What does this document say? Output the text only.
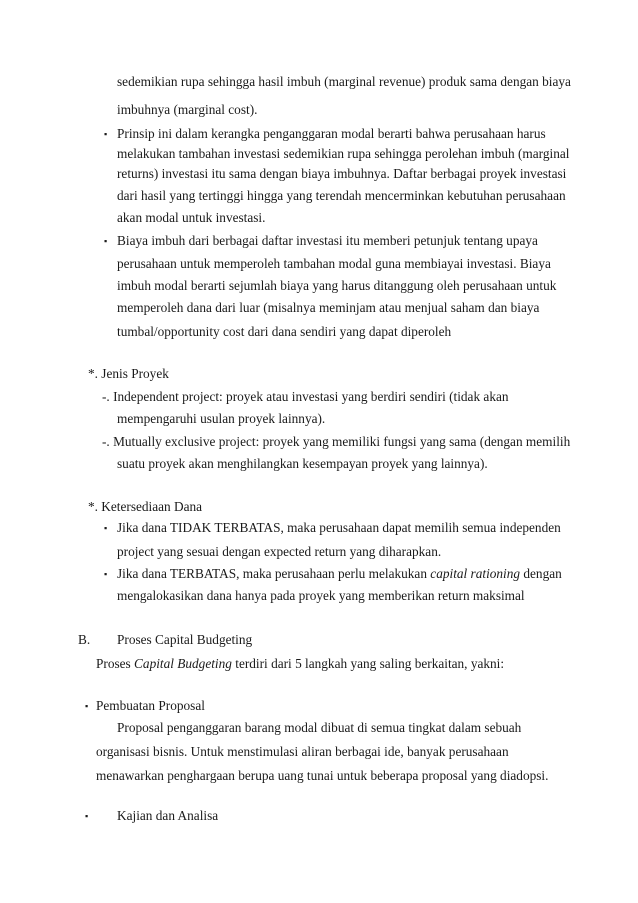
sedemikian rupa sehingga hasil imbuh (marginal revenue) produk sama dengan biaya
imbuhnya (marginal cost).
▪ Prinsip ini dalam kerangka penganggaran modal berarti bahwa perusahaan harus
melakukan tambahan investasi sedemikian rupa sehingga perolehan imbuh (marginal
returns) investasi itu sama dengan biaya imbuhnya. Daftar berbagai proyek investasi
dari hasil yang tertinggi hingga yang terendah mencerminkan kebutuhan perusahaan
akan modal untuk investasi.
▪ Biaya imbuh dari berbagai daftar investasi itu memberi petunjuk tentang upaya
perusahaan untuk memperoleh tambahan modal guna membiayai investasi. Biaya
imbuh modal berarti sejumlah biaya yang harus ditanggung oleh perusahaan untuk
memperoleh dana dari luar (misalnya meminjam atau menjual saham dan biaya
tumbal/opportunity cost dari dana sendiri yang dapat diperoleh
*. Jenis Proyek
-. Independent project: proyek atau investasi yang berdiri sendiri (tidak akan
mempengaruhi usulan proyek lainnya).
-. Mutually exclusive project: proyek yang memiliki fungsi yang sama (dengan memilih
suatu proyek akan menghilangkan kesempayan proyek yang lainnya).
*. Ketersediaan Dana
▪ Jika dana TIDAK TERBATAS, maka perusahaan dapat memilih semua independen
project yang sesuai dengan expected return yang diharapkan.
▪ Jika dana TERBATAS, maka perusahaan perlu melakukan capital rationing dengan
mengalokasikan dana hanya pada proyek yang memberikan return maksimal
B. Proses Capital Budgeting
Proses Capital Budgeting terdiri dari 5 langkah yang saling berkaitan, yakni:
▪ Pembuatan Proposal
Proposal penganggaran barang modal dibuat di semua tingkat dalam sebuah
organisasi bisnis. Untuk menstimulasi aliran berbagai ide, banyak perusahaan
menawarkan penghargaan berupa uang tunai untuk beberapa proposal yang diadopsi.
▪ Kajian dan Analisa
